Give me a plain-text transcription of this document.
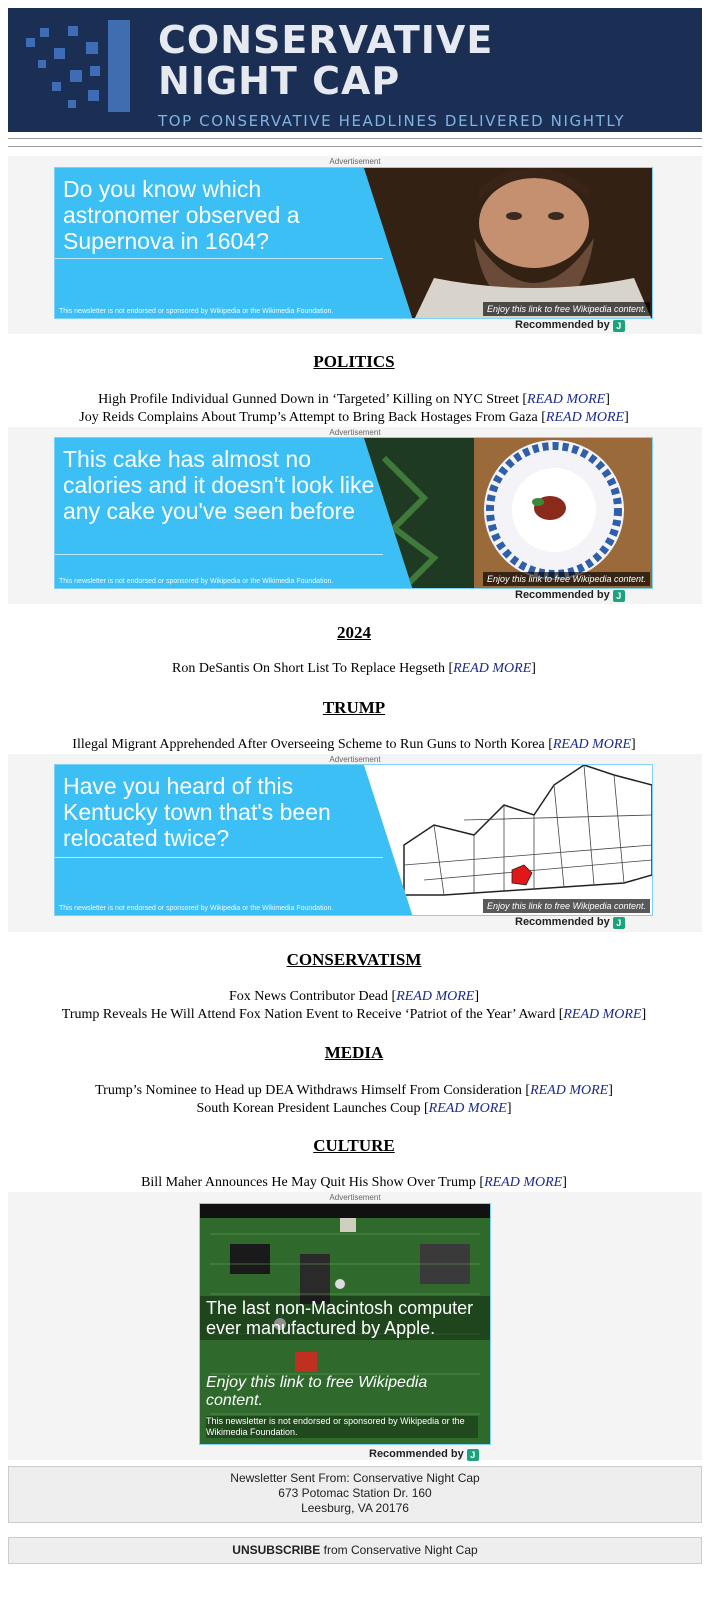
CONSERVATIVE
NIGHT CAP
TOP CONSERVATIVE HEADLINES DELIVERED NIGHTLY
Advertisement
Do you know which astronomer observed a Supernova in 1604?
This newsletter is not endorsed or sponsored by Wikipedia or the Wikimedia Foundation.	Enjoy this link to free Wikipedia content.
Recommended by J
POLITICS
High Profile Individual Gunned Down in ‘Targeted’ Killing on NYC Street [READ MORE]
Joy Reids Complains About Trump’s Attempt to Bring Back Hostages From Gaza [READ MORE]
Advertisement
This cake has almost no calories and it doesn't look like any cake you've seen before
This newsletter is not endorsed or sponsored by Wikipedia or the Wikimedia Foundation.	Enjoy this link to free Wikipedia content.
Recommended by J
2024
Ron DeSantis On Short List To Replace Hegseth [READ MORE]
TRUMP
Illegal Migrant Apprehended After Overseeing Scheme to Run Guns to North Korea [READ MORE]
Advertisement
Have you heard of this Kentucky town that's been relocated twice?
This newsletter is not endorsed or sponsored by Wikipedia or the Wikimedia Foundation.	Enjoy this link to free Wikipedia content.
Recommended by J
CONSERVATISM
Fox News Contributor Dead [READ MORE]
Trump Reveals He Will Attend Fox Nation Event to Receive ‘Patriot of the Year’ Award [READ MORE]
MEDIA
Trump’s Nominee to Head up DEA Withdraws Himself From Consideration [READ MORE]
South Korean President Launches Coup [READ MORE]
CULTURE
Bill Maher Announces He May Quit His Show Over Trump [READ MORE]
Advertisement
The last non-Macintosh computer ever manufactured by Apple.
Enjoy this link to free Wikipedia content.
This newsletter is not endorsed or sponsored by Wikipedia or the Wikimedia Foundation.
Recommended by J
Newsletter Sent From: Conservative Night Cap
673 Potomac Station Dr. 160
Leesburg, VA 20176
UNSUBSCRIBE from Conservative Night Cap
